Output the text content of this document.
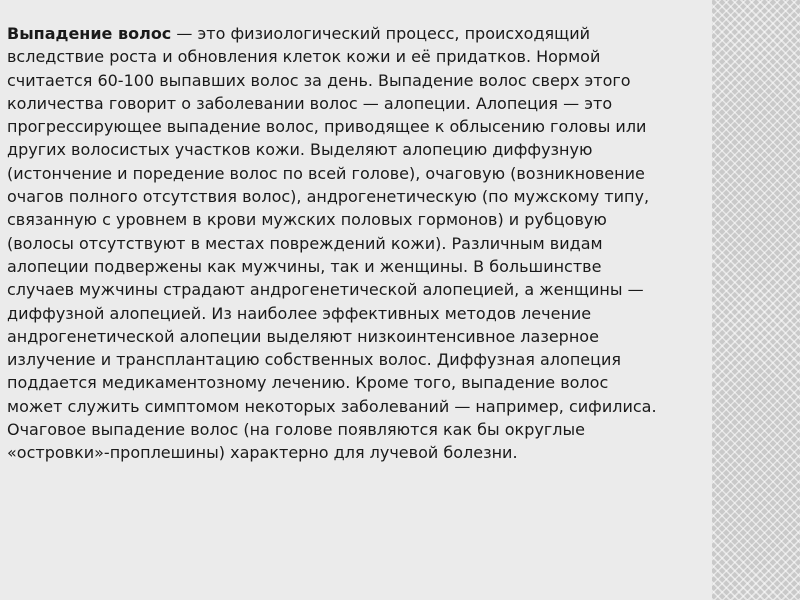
Выпадение волос — это физиологический процесс, происходящий вследствие роста и обновления клеток кожи и её придатков. Нормой считается 60-100 выпавших волос за день. Выпадение волос сверх этого количества говорит о заболевании волос — алопеции. Алопеция — это прогрессирующее выпадение волос, приводящее к облысению головы или других волосистых участков кожи. Выделяют алопецию диффузную (истончение и поредение волос по всей голове), очаговую (возникновение очагов полного отсутствия волос), андрогенетическую (по мужскому типу, связанную с уровнем в крови мужских половых гормонов) и рубцовую (волосы отсутствуют в местах повреждений кожи). Различным видам алопеции подвержены как мужчины, так и женщины. В большинстве случаев мужчины страдают андрогенетической алопецией, а женщины — диффузной алопецией. Из наиболее эффективных методов лечение андрогенетической алопеции выделяют низкоинтенсивное лазерное излучение и трансплантацию собственных волос. Диффузная алопеция поддается медикаментозному лечению. Кроме того, выпадение волос может служить симптомом некоторых заболеваний — например, сифилиса. Очаговое выпадение волос (на голове появляются как бы округлые «островки»-проплешины) характерно для лучевой болезни.
